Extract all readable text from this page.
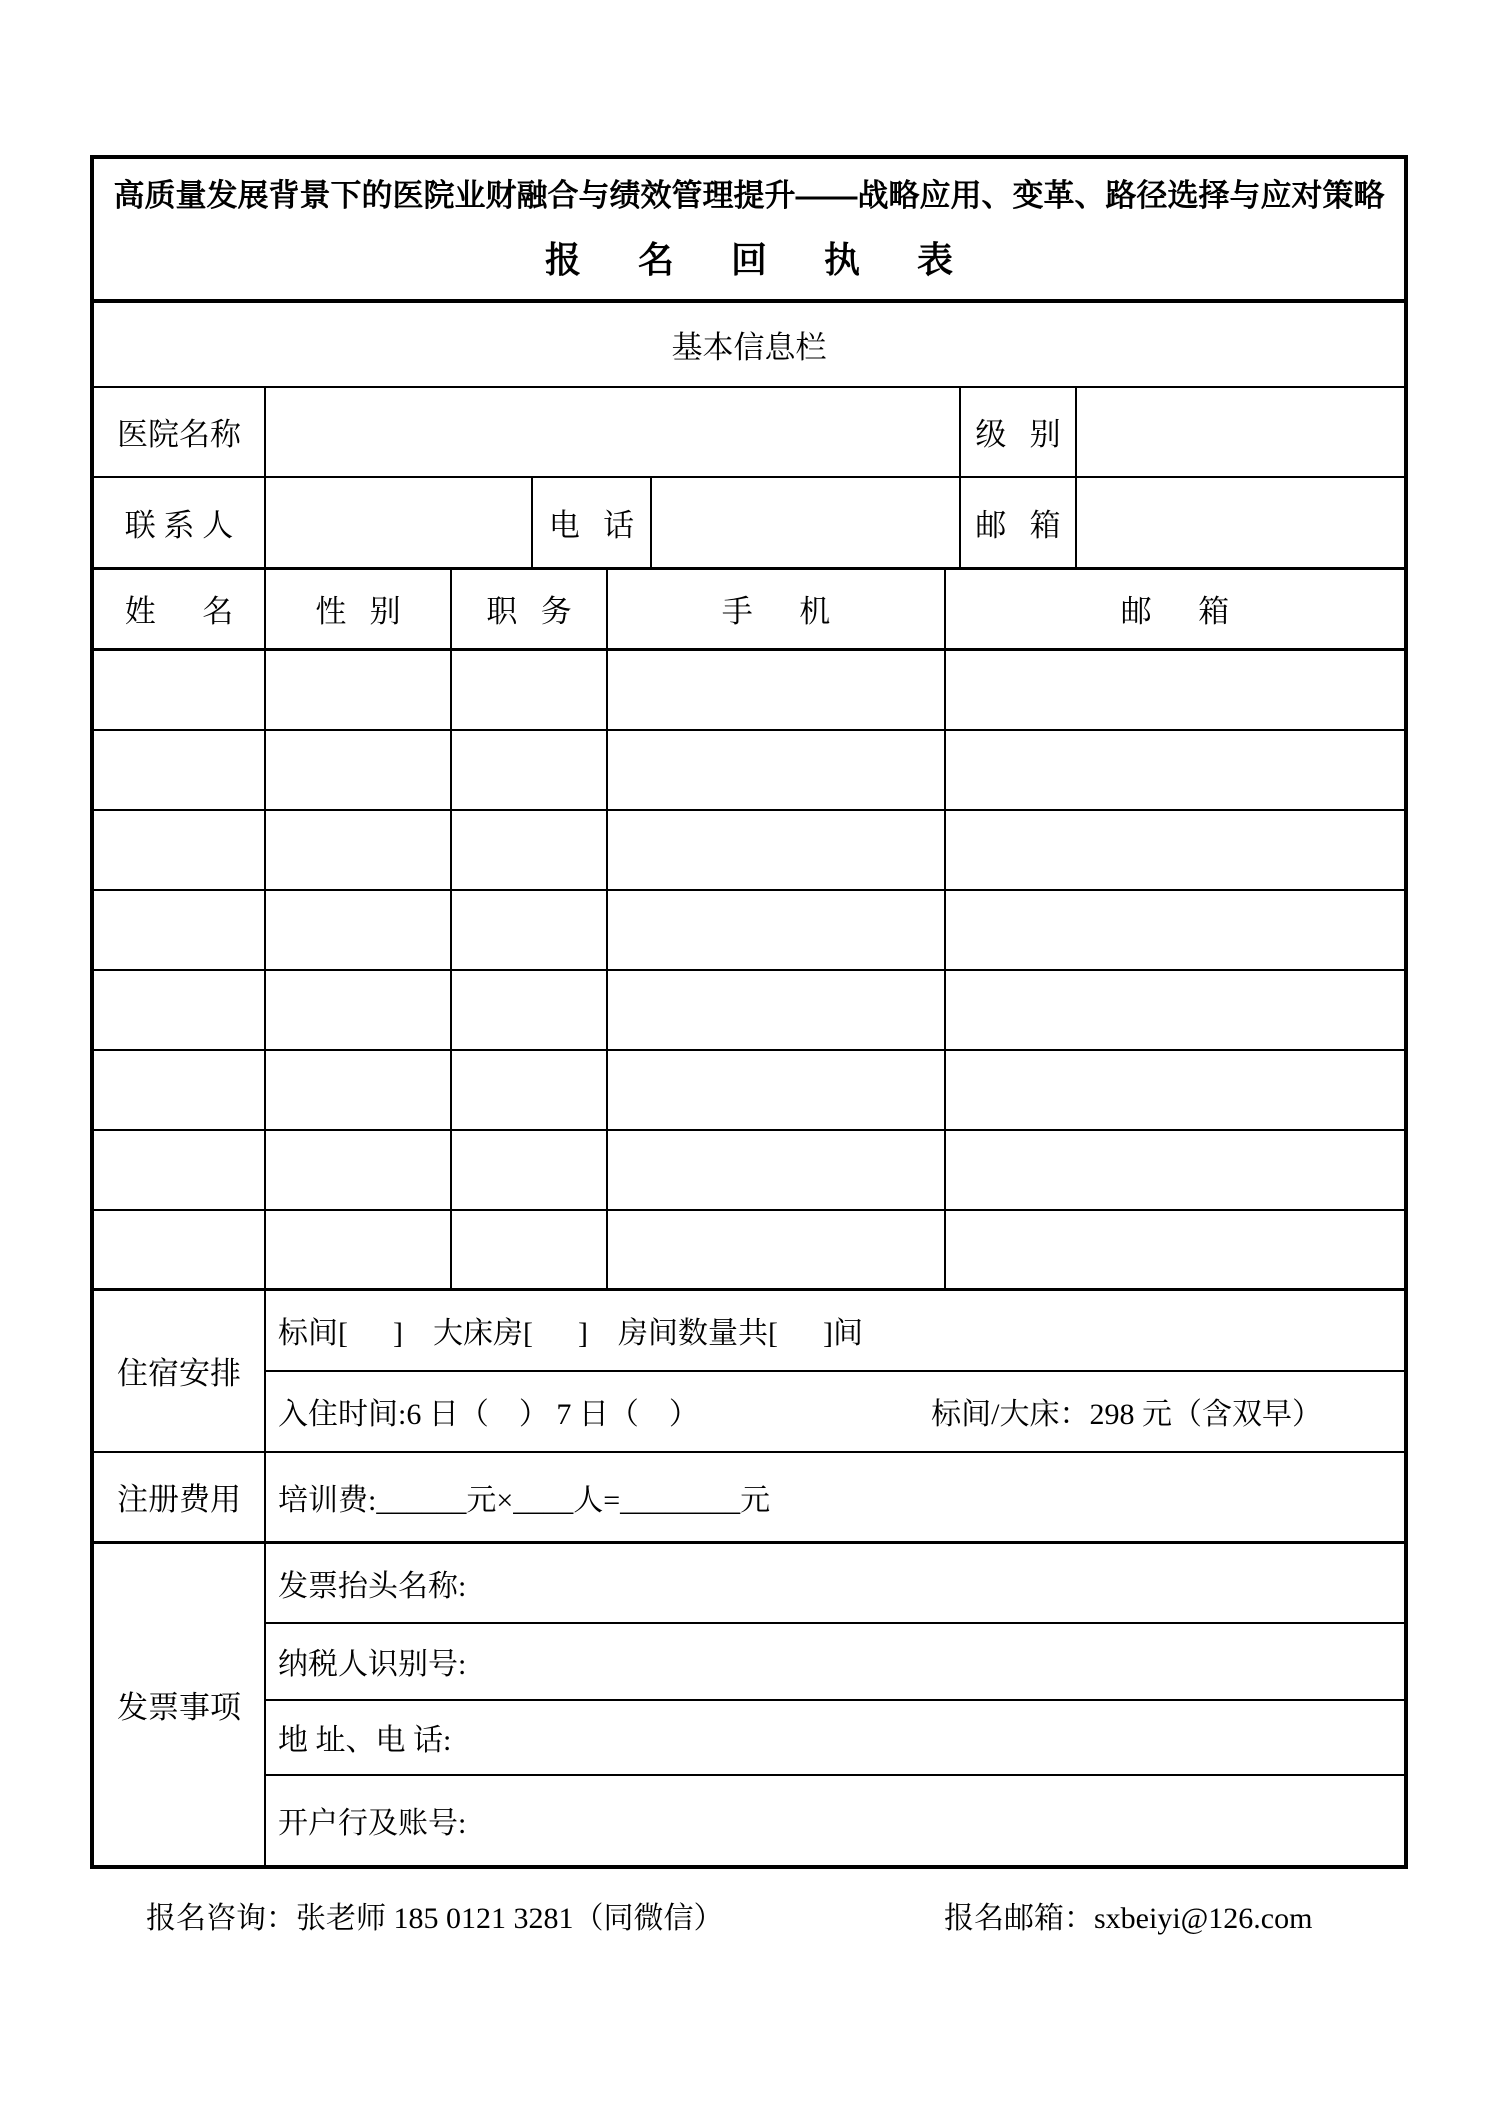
高质量发展背景下的医院业财融合与绩效管理提升——战略应用、变革、路径选择与应对策略
报 名 回 执 表
基本信息栏
医院名称	级   别
联 系 人	电   话	邮   箱
姓      名	性   别	职   务	手      机	邮      箱
住宿安排
标间[      ]    大床房[      ]    房间数量共[      ]间
入住时间:6 日（    ） 7 日（    ）	标间/大床：298 元（含双早）
注册费用	培训费:______元×____人=________元
发票事项
发票抬头名称:
纳税人识别号:
地 址、电 话:
开户行及账号:
报名咨询：张老师 185 0121 3281（同微信）	报名邮箱：sxbeiyi@126.com
